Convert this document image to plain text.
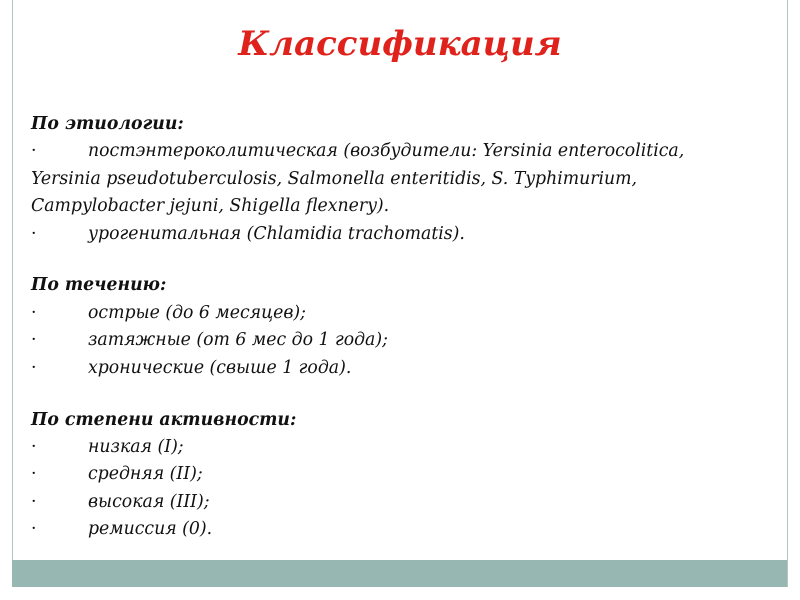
Классификация
По этиологии:
·	постэнтероколитическая (возбудители: Yersinia enterocolitica,
Yersinia pseudotuberculosis, Salmonella enteritidis, S. Typhimurium,
Campylobacter jejuni, Shigella flexnery).
·	урогенитальная (Chlamidia trachomatis).
По течению:
·	острые (до 6 месяцев);
·	затяжные (от 6 мес до 1 года);
·	хронические (свыше 1 года).
По степени активности:
·	низкая (I);
·	средняя (II);
·	высокая (III);
·	ремиссия (0).
